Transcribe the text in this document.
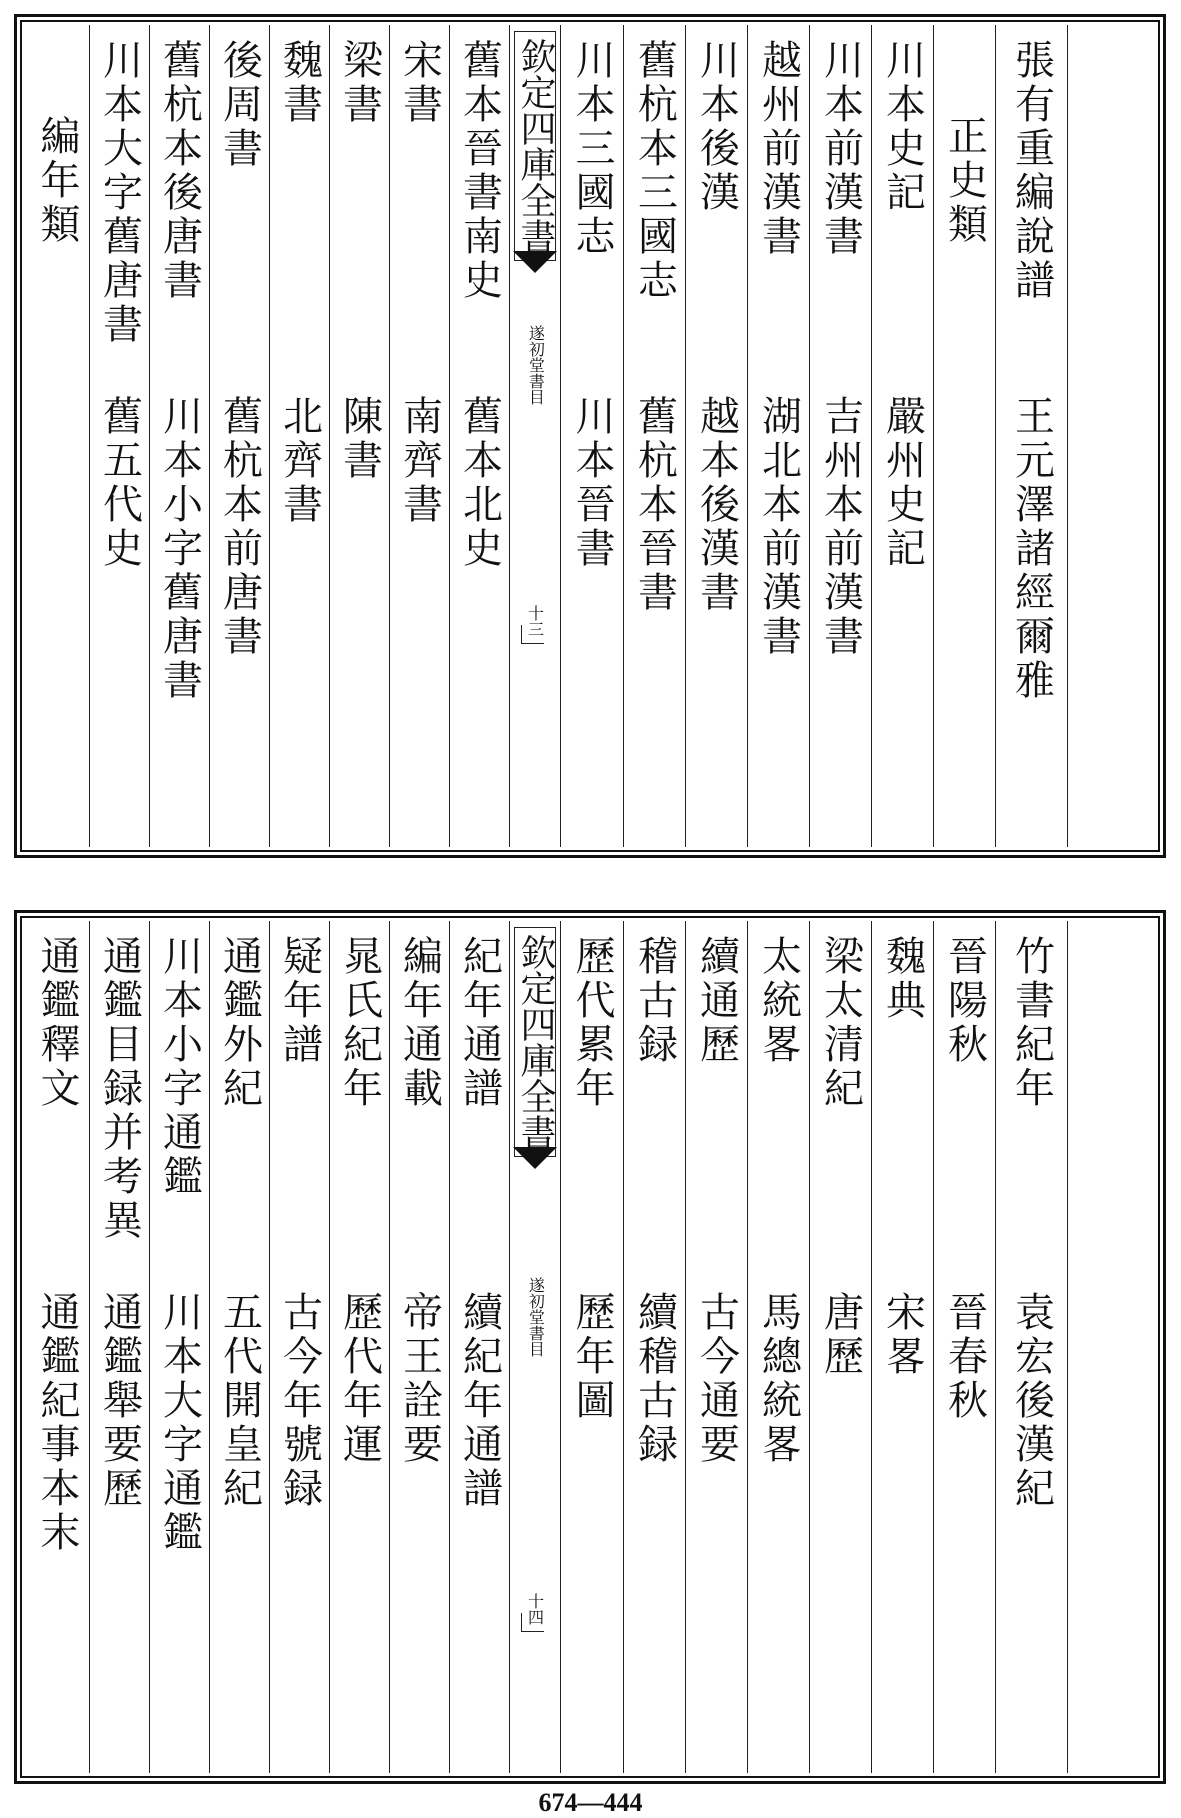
編年類 川本大字舊唐書
舊五代史
舊杭本後唐書
川本小字舊唐書
後周書
舊杭本前唐書
魏書
北齊書
梁書
陳書
宋書
南齊書
舊本晉書南史
舊本北史
欽定四庫全書
遂初堂書目
十三
川本三國志
川本晉書
舊杭本三國志
舊杭本晉書
川本後漢
越本後漢書
越州前漢書
湖北本前漢書
川本前漢書
吉州本前漢書
川本史記
嚴州史記
正史類 張有重編說譜
王元澤諸經爾雅
通鑑釋文
通鑑紀事本末
通鑑目録并考異
通鑑舉要歷
川本小字通鑑
川本大字通鑑
通鑑外紀
五代開皇紀
疑年譜
古今年號録
晁氏紀年
歷代年運
編年通載
帝王詮要
紀年通譜
續紀年通譜
欽定四庫全書
遂初堂書目
十四
歷代累年
歷年圖
稽古録
續稽古録
續通歷
古今通要
太統畧
馬總統畧
梁太清紀
唐歷
魏典
宋畧
晉陽秋
晉春秋
竹書紀年
袁宏後漢紀
674—444
